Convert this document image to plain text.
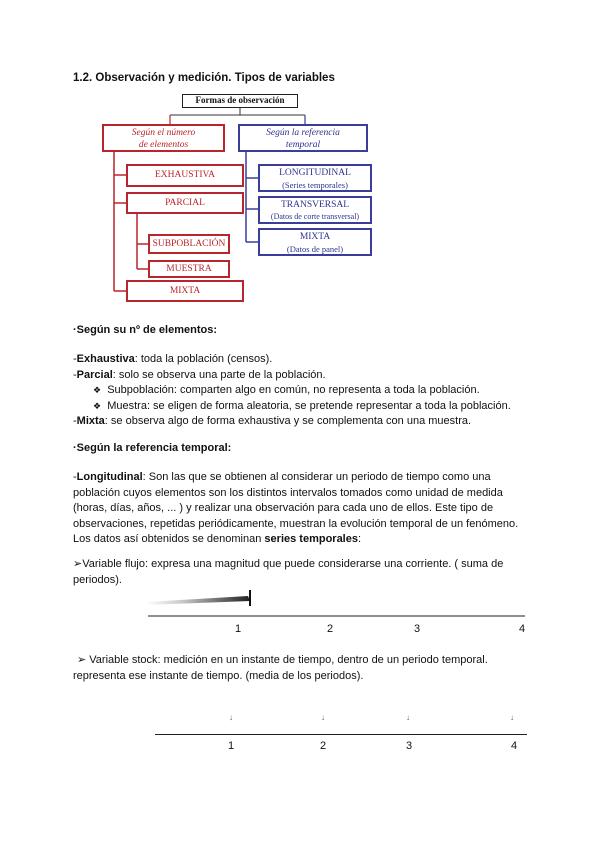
1.2. Observación y medición. Tipos de variables
Formas de observación
Según el número
de elementos
Según la referencia
temporal
EXHAUSTIVA
PARCIAL
SUBPOBLACIÓN
MUESTRA
MIXTA
LONGITUDINAL
(Series temporales)
TRANSVERSAL
(Datos de corte transversal)
MIXTA
(Datos de panel)
·Según su nº de elementos:
-Exhaustiva: toda la población (censos).
-Parcial: solo se observa una parte de la población.
❖ Subpoblación: comparten algo en común, no representa a toda la población.
❖ Muestra: se eligen de forma aleatoria, se pretende representar a toda la población.
-Mixta: se observa algo de forma exhaustiva y se complementa con una muestra.
·Según la referencia temporal:
-Longitudinal: Son las que se obtienen al considerar un periodo de tiempo como una
población cuyos elementos son los distintos intervalos tomados como unidad de medida
(horas, días, años, ... ) y realizar una observación para cada uno de ellos. Este tipo de
observaciones, repetidas periódicamente, muestran la evolución temporal de un fenómeno.
Los datos así obtenidos se denominan series temporales:
➢Variable flujo: expresa una magnitud que puede considerarse una corriente. ( suma de
periodos).
1	2	3	4
➢ Variable stock: medición en un instante de tiempo, dentro de un periodo temporal.
representa ese instante de tiempo. (media de los periodos).
↓	↓	↓	↓
1	2	3	4
